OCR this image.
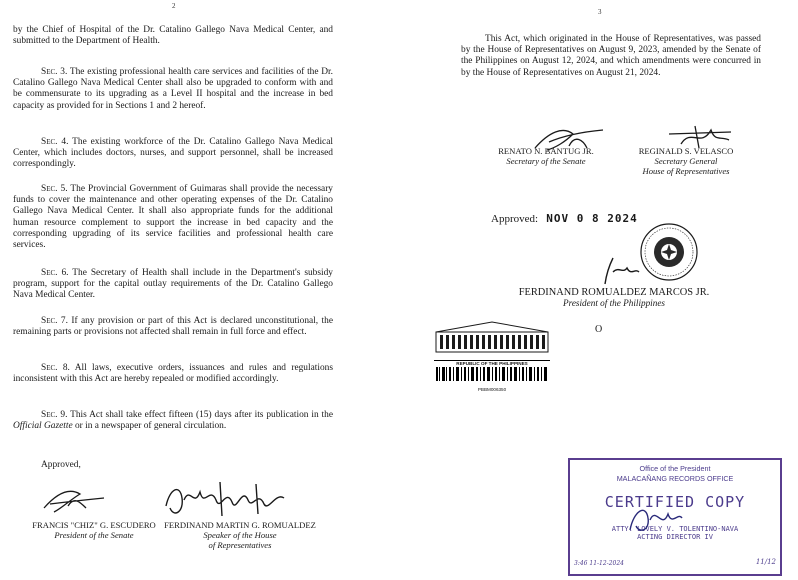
2

by the Chief of Hospital of the Dr. Catalino Gallego Nava Medical Center, and submitted to the Department of Health.

Sec. 3. The existing professional health care services and facilities of the Dr. Catalino Gallego Nava Medical Center shall also be upgraded to conform with and be commensurate to its upgrading as a Level II hospital and the increase in bed capacity as provided for in Sections 1 and 2 hereof.

Sec. 4. The existing workforce of the Dr. Catalino Gallego Nava Medical Center, which includes doctors, nurses, and support personnel, shall be increased correspondingly.

Sec. 5. The Provincial Government of Guimaras shall provide the necessary funds to cover the maintenance and other operating expenses of the Dr. Catalino Gallego Nava Medical Center. It shall also appropriate funds for the additional human resource complement to support the increase in bed capacity and the corresponding upgrading of its service facilities and professional health care services.

Sec. 6. The Secretary of Health shall include in the Department's subsidy program, support for the capital outlay requirements of the Dr. Catalino Gallego Nava Medical Center.

Sec. 7. If any provision or part of this Act is declared unconstitutional, the remaining parts or provisions not affected shall remain in full force and effect.

Sec. 8. All laws, executive orders, issuances and rules and regulations inconsistent with this Act are hereby repealed or modified accordingly.

Sec. 9. This Act shall take effect fifteen (15) days after its publication in the Official Gazette or in a newspaper of general circulation.

Approved,
FRANCIS "CHIZ" G. ESCUDERO
President of the Senate
FERDINAND MARTIN G. ROMUALDEZ
Speaker of the House
of Representatives
3

This Act, which originated in the House of Representatives, was passed by the House of Representatives on August 9, 2023, amended by the Senate of the Philippines on August 12, 2024, and which amendments were concurred in by the House of Representatives on August 21, 2024.

RENATO N. BANTUG JR.
Secretary of the Senate
REGINALD S. VELASCO
Secretary General
House of Representatives
Approved: NOV 0 8 2024
FERDINAND ROMUALDEZ MARCOS JR.
President of the Philippines
O
REPUBLIC OF THE PHILIPPINES
PBBM006350
Office of the President
MALACAÑANG RECORDS OFFICE
CERTIFIED COPY
ATTY. LOVELY V. TOLENTINO-NAVA
ACTING DIRECTOR IV
3:46 11-12-2024	11/12
